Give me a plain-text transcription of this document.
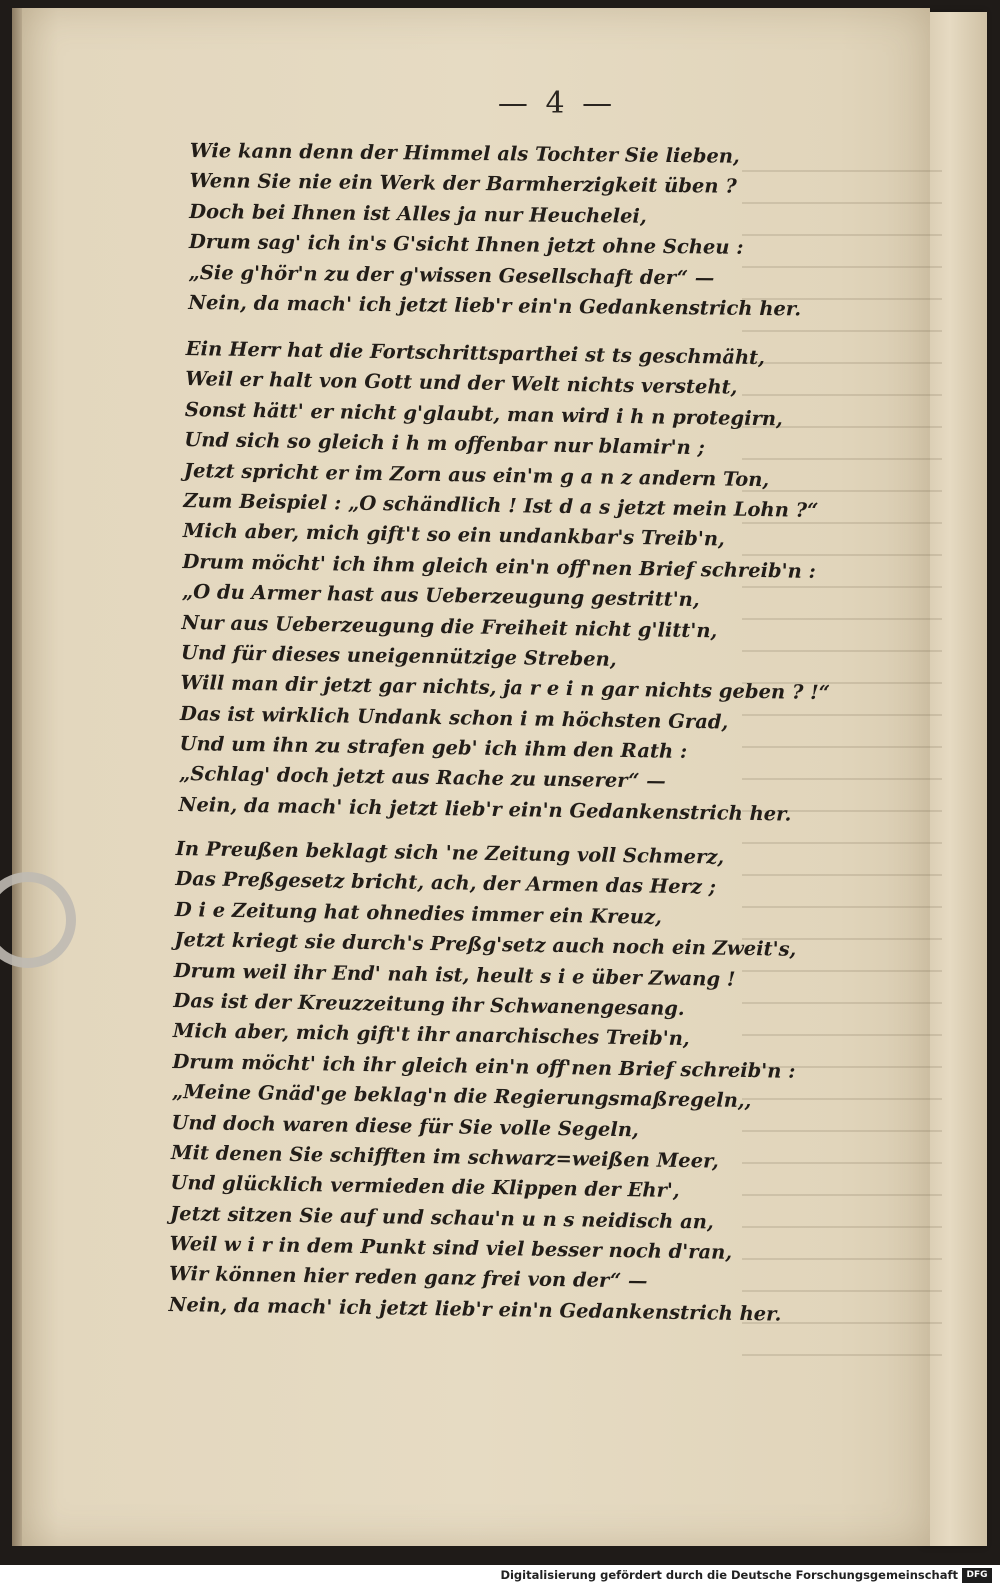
— 4 —
Wie kann denn der Himmel als Tochter Sie lieben,
Wenn Sie nie ein Werk der Barmherzigkeit üben ?
Doch bei Ihnen ist Alles ja nur Heuchelei,
Drum sag' ich in's G'sicht Ihnen jetzt ohne Scheu :
„Sie g'hör'n zu der g'wissen Gesellschaft der“ —
Nein, da mach' ich jetzt lieb'r ein'n Gedankenstrich her.
Ein Herr hat die Fortschrittsparthei st ts geschmäht,
Weil er halt von Gott und der Welt nichts versteht,
Sonst hätt' er nicht g'glaubt, man wird i h n protegirn,
Und sich so gleich i h m offenbar nur blamir'n ;
Jetzt spricht er im Zorn aus ein'm g a n z andern Ton,
Zum Beispiel : „O schändlich ! Ist d a s jetzt mein Lohn ?“
Mich aber, mich gift't so ein undankbar's Treib'n,
Drum möcht' ich ihm gleich ein'n off'nen Brief schreib'n :
„O du Armer hast aus Ueberzeugung gestritt'n,
Nur aus Ueberzeugung die Freiheit nicht g'litt'n,
Und für dieses uneigennützige Streben,
Will man dir jetzt gar nichts, ja r e i n gar nichts geben ? !“
Das ist wirklich Undank schon i m höchsten Grad,
Und um ihn zu strafen geb' ich ihm den Rath :
„Schlag' doch jetzt aus Rache zu unserer“ —
Nein, da mach' ich jetzt lieb'r ein'n Gedankenstrich her.
In Preußen beklagt sich 'ne Zeitung voll Schmerz,
Das Preßgesetz bricht, ach, der Armen das Herz ;
D i e Zeitung hat ohnedies immer ein Kreuz,
Jetzt kriegt sie durch's Preßg'setz auch noch ein Zweit's,
Drum weil ihr End' nah ist, heult s i e über Zwang !
Das ist der Kreuzzeitung ihr Schwanengesang.
Mich aber, mich gift't ihr anarchisches Treib'n,
Drum möcht' ich ihr gleich ein'n off'nen Brief schreib'n :
„Meine Gnäd'ge beklag'n die Regierungsmaßregeln,,
Und doch waren diese für Sie volle Segeln,
Mit denen Sie schifften im schwarz=weißen Meer,
Und glücklich vermieden die Klippen der Ehr',
Jetzt sitzen Sie auf und schau'n u n s neidisch an,
Weil w i r in dem Punkt sind viel besser noch d'ran,
Wir können hier reden ganz frei von der“ —
Nein, da mach' ich jetzt lieb'r ein'n Gedankenstrich her.
Digitalisierung gefördert durch die Deutsche Forschungsgemeinschaft DFG
